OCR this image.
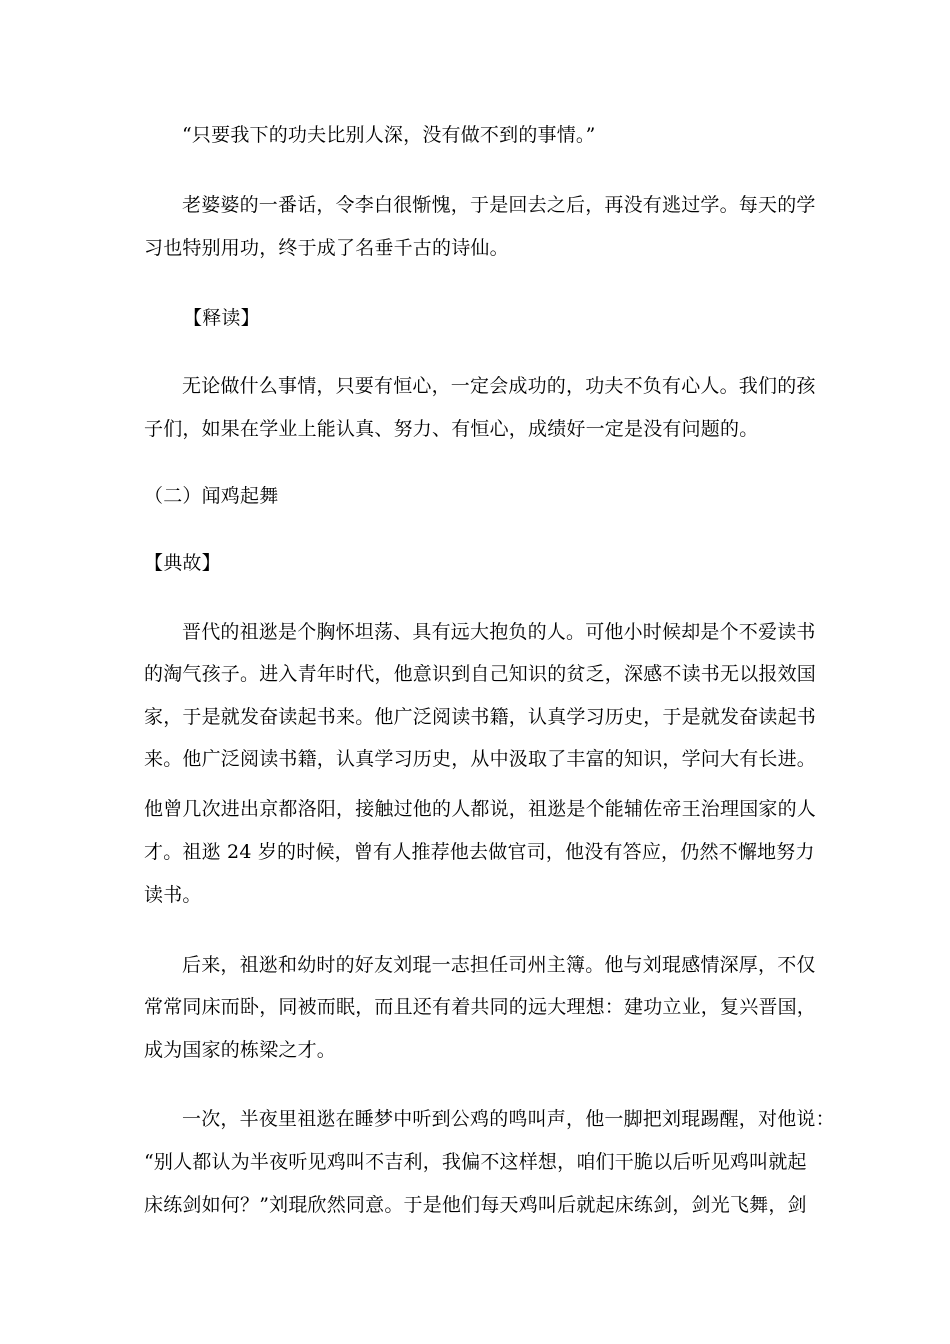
“只要我下的功夫比别人深，没有做不到的事情。”
老婆婆的一番话，令李白很惭愧，于是回去之后，再没有逃过学。每天的学
习也特别用功，终于成了名垂千古的诗仙。
【释读】
无论做什么事情，只要有恒心，一定会成功的，功夫不负有心人。我们的孩
子们，如果在学业上能认真、努力、有恒心，成绩好一定是没有问题的。
（二）闻鸡起舞
【典故】
晋代的祖逖是个胸怀坦荡、具有远大抱负的人。可他小时候却是个不爱读书
的淘气孩子。进入青年时代，他意识到自己知识的贫乏，深感不读书无以报效国
家，于是就发奋读起书来。他广泛阅读书籍，认真学习历史，于是就发奋读起书
来。他广泛阅读书籍，认真学习历史，从中汲取了丰富的知识，学问大有长进。
他曾几次进出京都洛阳，接触过他的人都说，祖逖是个能辅佐帝王治理国家的人
才。祖逖 24 岁的时候，曾有人推荐他去做官司，他没有答应，仍然不懈地努力
读书。
后来，祖逖和幼时的好友刘琨一志担任司州主簿。他与刘琨感情深厚，不仅
常常同床而卧，同被而眠，而且还有着共同的远大理想：建功立业，复兴晋国，
成为国家的栋梁之才。
一次，半夜里祖逖在睡梦中听到公鸡的鸣叫声，他一脚把刘琨踢醒，对他说：
“别人都认为半夜听见鸡叫不吉利，我偏不这样想，咱们干脆以后听见鸡叫就起
床练剑如何？”刘琨欣然同意。于是他们每天鸡叫后就起床练剑，剑光飞舞，剑
